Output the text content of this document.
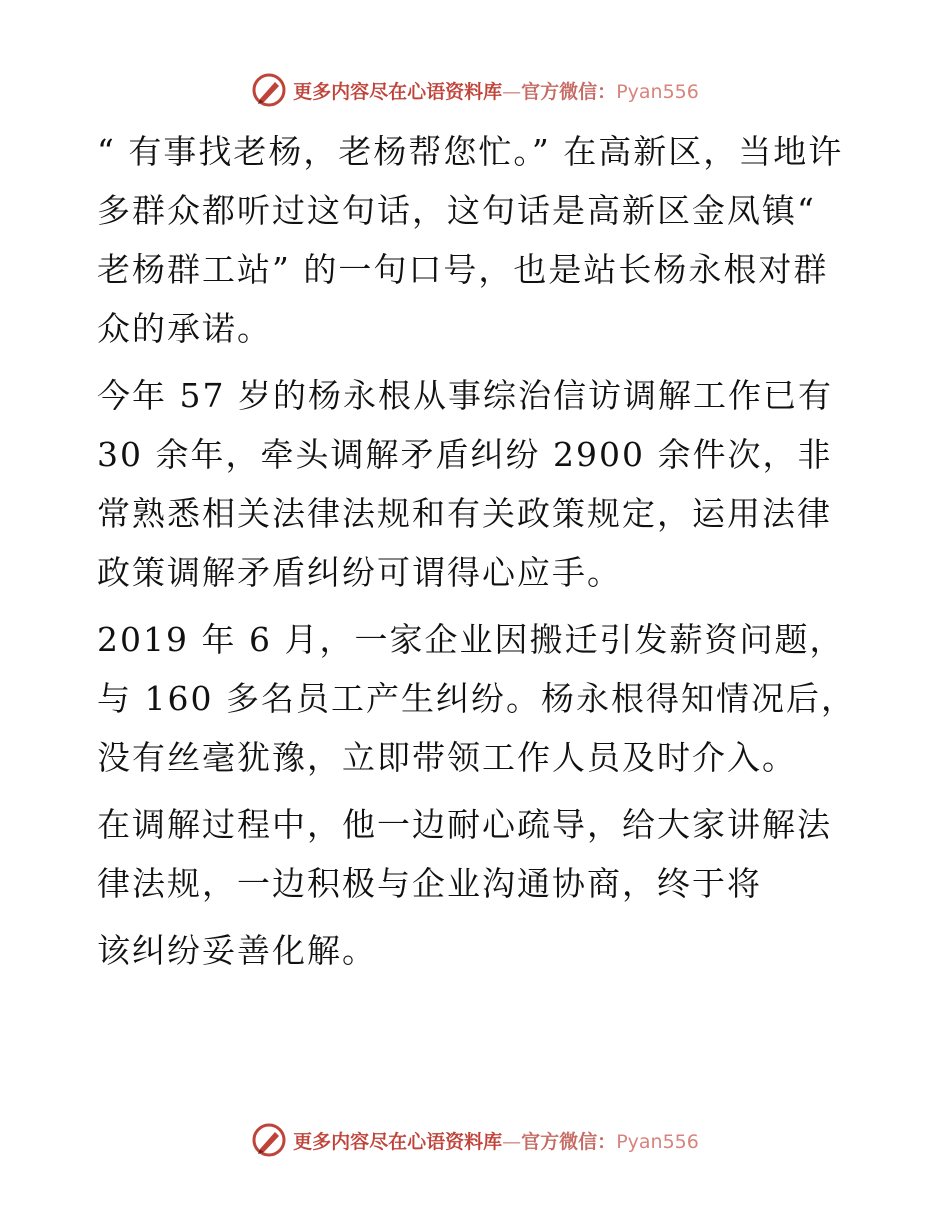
更多内容尽在心语资料库—官方微信：Pyan556

“ 有事找老杨，老杨帮您忙。” 在高新区，当地许多群众都听过这句话，这句话是高新区金凤镇“ 老杨群工站” 的一句口号，也是站长杨永根对群众的承诺。

今年 57 岁的杨永根从事综治信访调解工作已有 30 余年，牵头调解矛盾纠纷 2900 余件次，非常熟悉相关法律法规和有关政策规定，运用法律政策调解矛盾纠纷可谓得心应手。

2019 年 6 月，一家企业因搬迁引发薪资问题，与 160 多名员工产生纠纷。杨永根得知情况后，没有丝毫犹豫，立即带领工作人员及时介入。

在调解过程中，他一边耐心疏导，给大家讲解法律法规，一边积极与企业沟通协商，终于将

该纠纷妥善化解。

更多内容尽在心语资料库—官方微信：Pyan556
